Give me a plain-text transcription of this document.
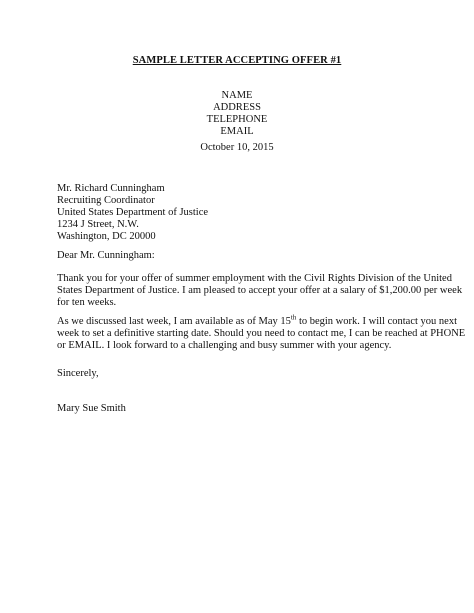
SAMPLE LETTER ACCEPTING OFFER #1
NAME
ADDRESS
TELEPHONE
EMAIL
October 10, 2015
Mr. Richard Cunningham
Recruiting Coordinator
United States Department of Justice
1234 J Street, N.W.
Washington, DC 20000
Dear Mr. Cunningham:
Thank you for your offer of summer employment with the Civil Rights Division of the United
States Department of Justice. I am pleased to accept your offer at a salary of $1,200.00 per week
for ten weeks.
As we discussed last week, I am available as of May 15th to begin work. I will contact you next
week to set a definitive starting date. Should you need to contact me, I can be reached at PHONE
or EMAIL. I look forward to a challenging and busy summer with your agency.
Sincerely,
Mary Sue Smith
